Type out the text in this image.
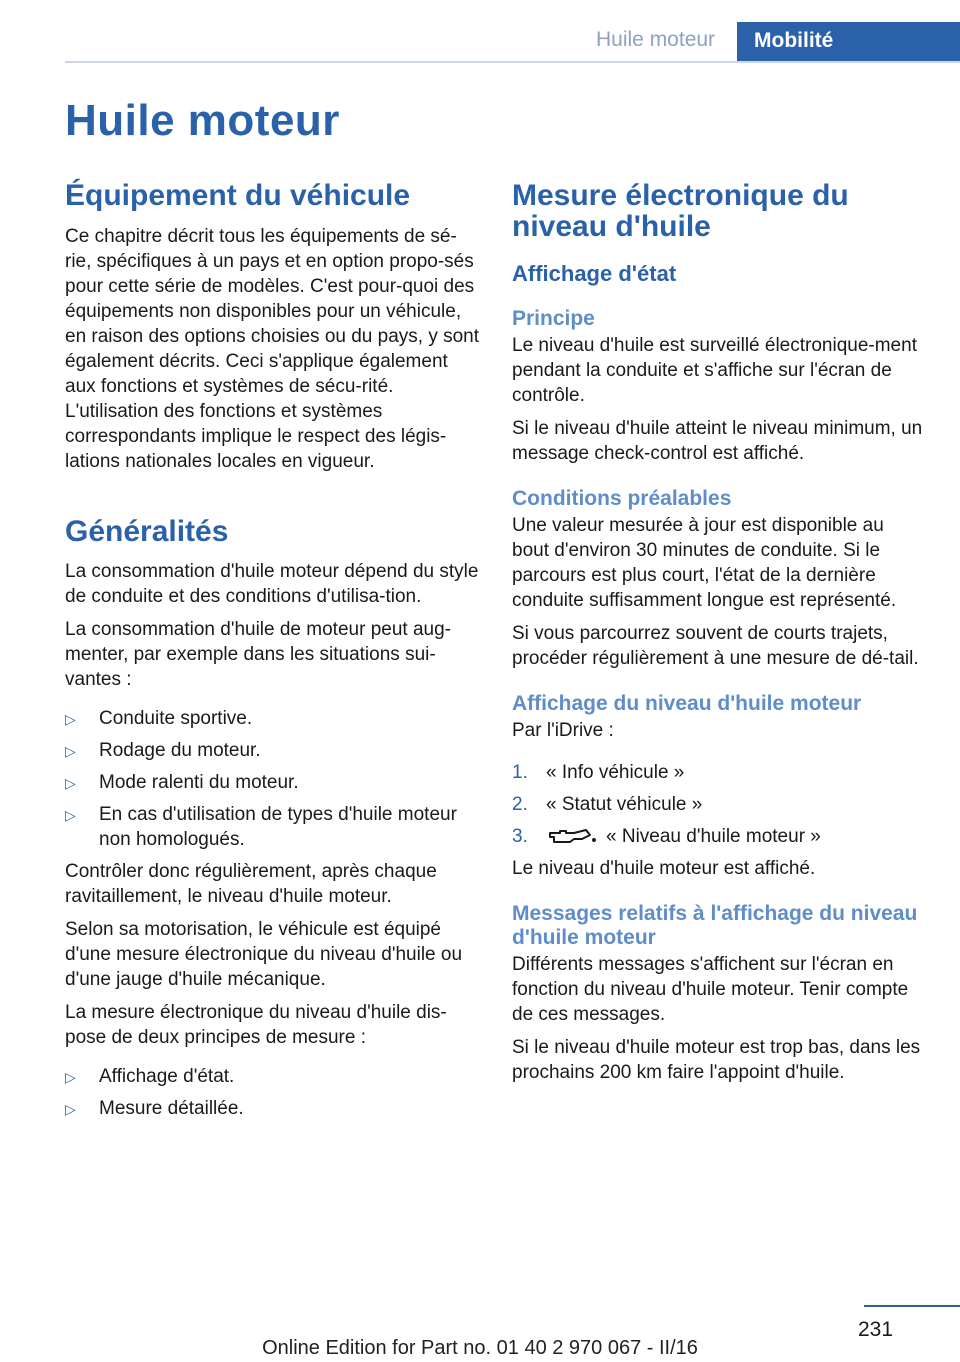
Huile moteur	Mobilité
Huile moteur
Équipement du véhicule

Ce chapitre décrit tous les équipements de sé-rie, spécifiques à un pays et en option propo-sés pour cette série de modèles. C'est pour-quoi des équipements non disponibles pour un véhicule, en raison des options choisies ou du pays, y sont également décrits. Ceci s'applique également aux fonctions et systèmes de sécu-rité. L'utilisation des fonctions et systèmes correspondants implique le respect des légis-lations nationales locales en vigueur.

Généralités

La consommation d'huile moteur dépend du style de conduite et des conditions d'utilisa-tion.

La consommation d'huile de moteur peut aug-menter, par exemple dans les situations sui-vantes :

▷ Conduite sportive.
▷ Rodage du moteur.
▷ Mode ralenti du moteur.
▷ En cas d'utilisation de types d'huile moteur non homologués.

Contrôler donc régulièrement, après chaque ravitaillement, le niveau d'huile moteur.

Selon sa motorisation, le véhicule est équipé d'une mesure électronique du niveau d'huile ou d'une jauge d'huile mécanique.

La mesure électronique du niveau d'huile dis-pose de deux principes de mesure :

▷ Affichage d'état.
▷ Mesure détaillée.
Mesure électronique du niveau d'huile
Affichage d'état
Principe

Le niveau d'huile est surveillé électronique-ment pendant la conduite et s'affiche sur l'écran de contrôle.

Si le niveau d'huile atteint le niveau minimum, un message check-control est affiché.

Conditions préalables

Une valeur mesurée à jour est disponible au bout d'environ 30 minutes de conduite. Si le parcours est plus court, l'état de la dernière conduite suffisamment longue est représenté.

Si vous parcourrez souvent de courts trajets, procéder régulièrement à une mesure de dé-tail.

Affichage du niveau d'huile moteur

Par l'iDrive :

1. « Info véhicule »
2. « Statut véhicule »
3.	« Niveau d'huile moteur »

Le niveau d'huile moteur est affiché.

Messages relatifs à l'affichage du niveau d'huile moteur

Différents messages s'affichent sur l'écran en fonction du niveau d'huile moteur. Tenir compte de ces messages.

Si le niveau d'huile moteur est trop bas, dans les prochains 200 km faire l'appoint d'huile.

231
Online Edition for Part no. 01 40 2 970 067 - II/16
